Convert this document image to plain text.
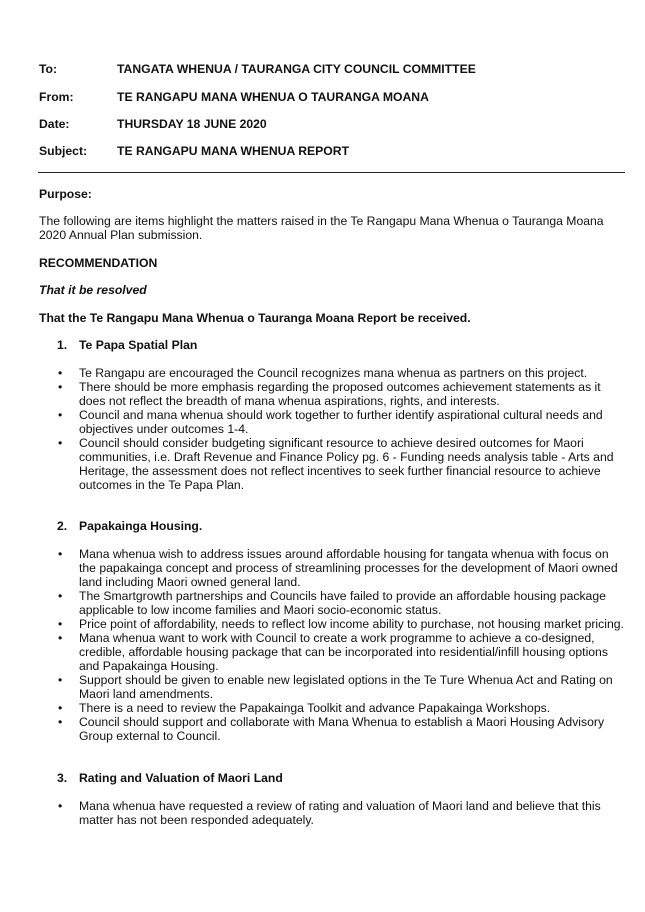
To:	TANGATA WHENUA / TAURANGA CITY COUNCIL COMMITTEE
From:	TE RANGAPU MANA WHENUA O TAURANGA MOANA
Date:	THURSDAY 18 JUNE 2020
Subject: TE RANGAPU MANA WHENUA REPORT
Purpose:
The following are items highlight the matters raised in the Te Rangapu Mana Whenua o Tauranga Moana 2020 Annual Plan submission.
RECOMMENDATION
That it be resolved
That the Te Rangapu Mana Whenua o Tauranga Moana Report be received.
1. Te Papa Spatial Plan
• Te Rangapu are encouraged the Council recognizes mana whenua as partners on this project.
• There should be more emphasis regarding the proposed outcomes achievement statements as it does not reflect the breadth of mana whenua aspirations, rights, and interests.
• Council and mana whenua should work together to further identify aspirational cultural needs and objectives under outcomes 1-4.
• Council should consider budgeting significant resource to achieve desired outcomes for Maori communities, i.e. Draft Revenue and Finance Policy pg. 6 - Funding needs analysis table - Arts and Heritage, the assessment does not reflect incentives to seek further financial resource to achieve outcomes in the Te Papa Plan.
2. Papakainga Housing.
• Mana whenua wish to address issues around affordable housing for tangata whenua with focus on the papakainga concept and process of streamlining processes for the development of Maori owned land including Maori owned general land.
• The Smartgrowth partnerships and Councils have failed to provide an affordable housing package applicable to low income families and Maori socio-economic status.
• Price point of affordability, needs to reflect low income ability to purchase, not housing market pricing.
• Mana whenua want to work with Council to create a work programme to achieve a co-designed, credible, affordable housing package that can be incorporated into residential/infill housing options and Papakainga Housing.
• Support should be given to enable new legislated options in the Te Ture Whenua Act and Rating on Maori land amendments.
• There is a need to review the Papakainga Toolkit and advance Papakainga Workshops.
• Council should support and collaborate with Mana Whenua to establish a Maori Housing Advisory Group external to Council.
3. Rating and Valuation of Maori Land
• Mana whenua have requested a review of rating and valuation of Maori land and believe that this matter has not been responded adequately.
